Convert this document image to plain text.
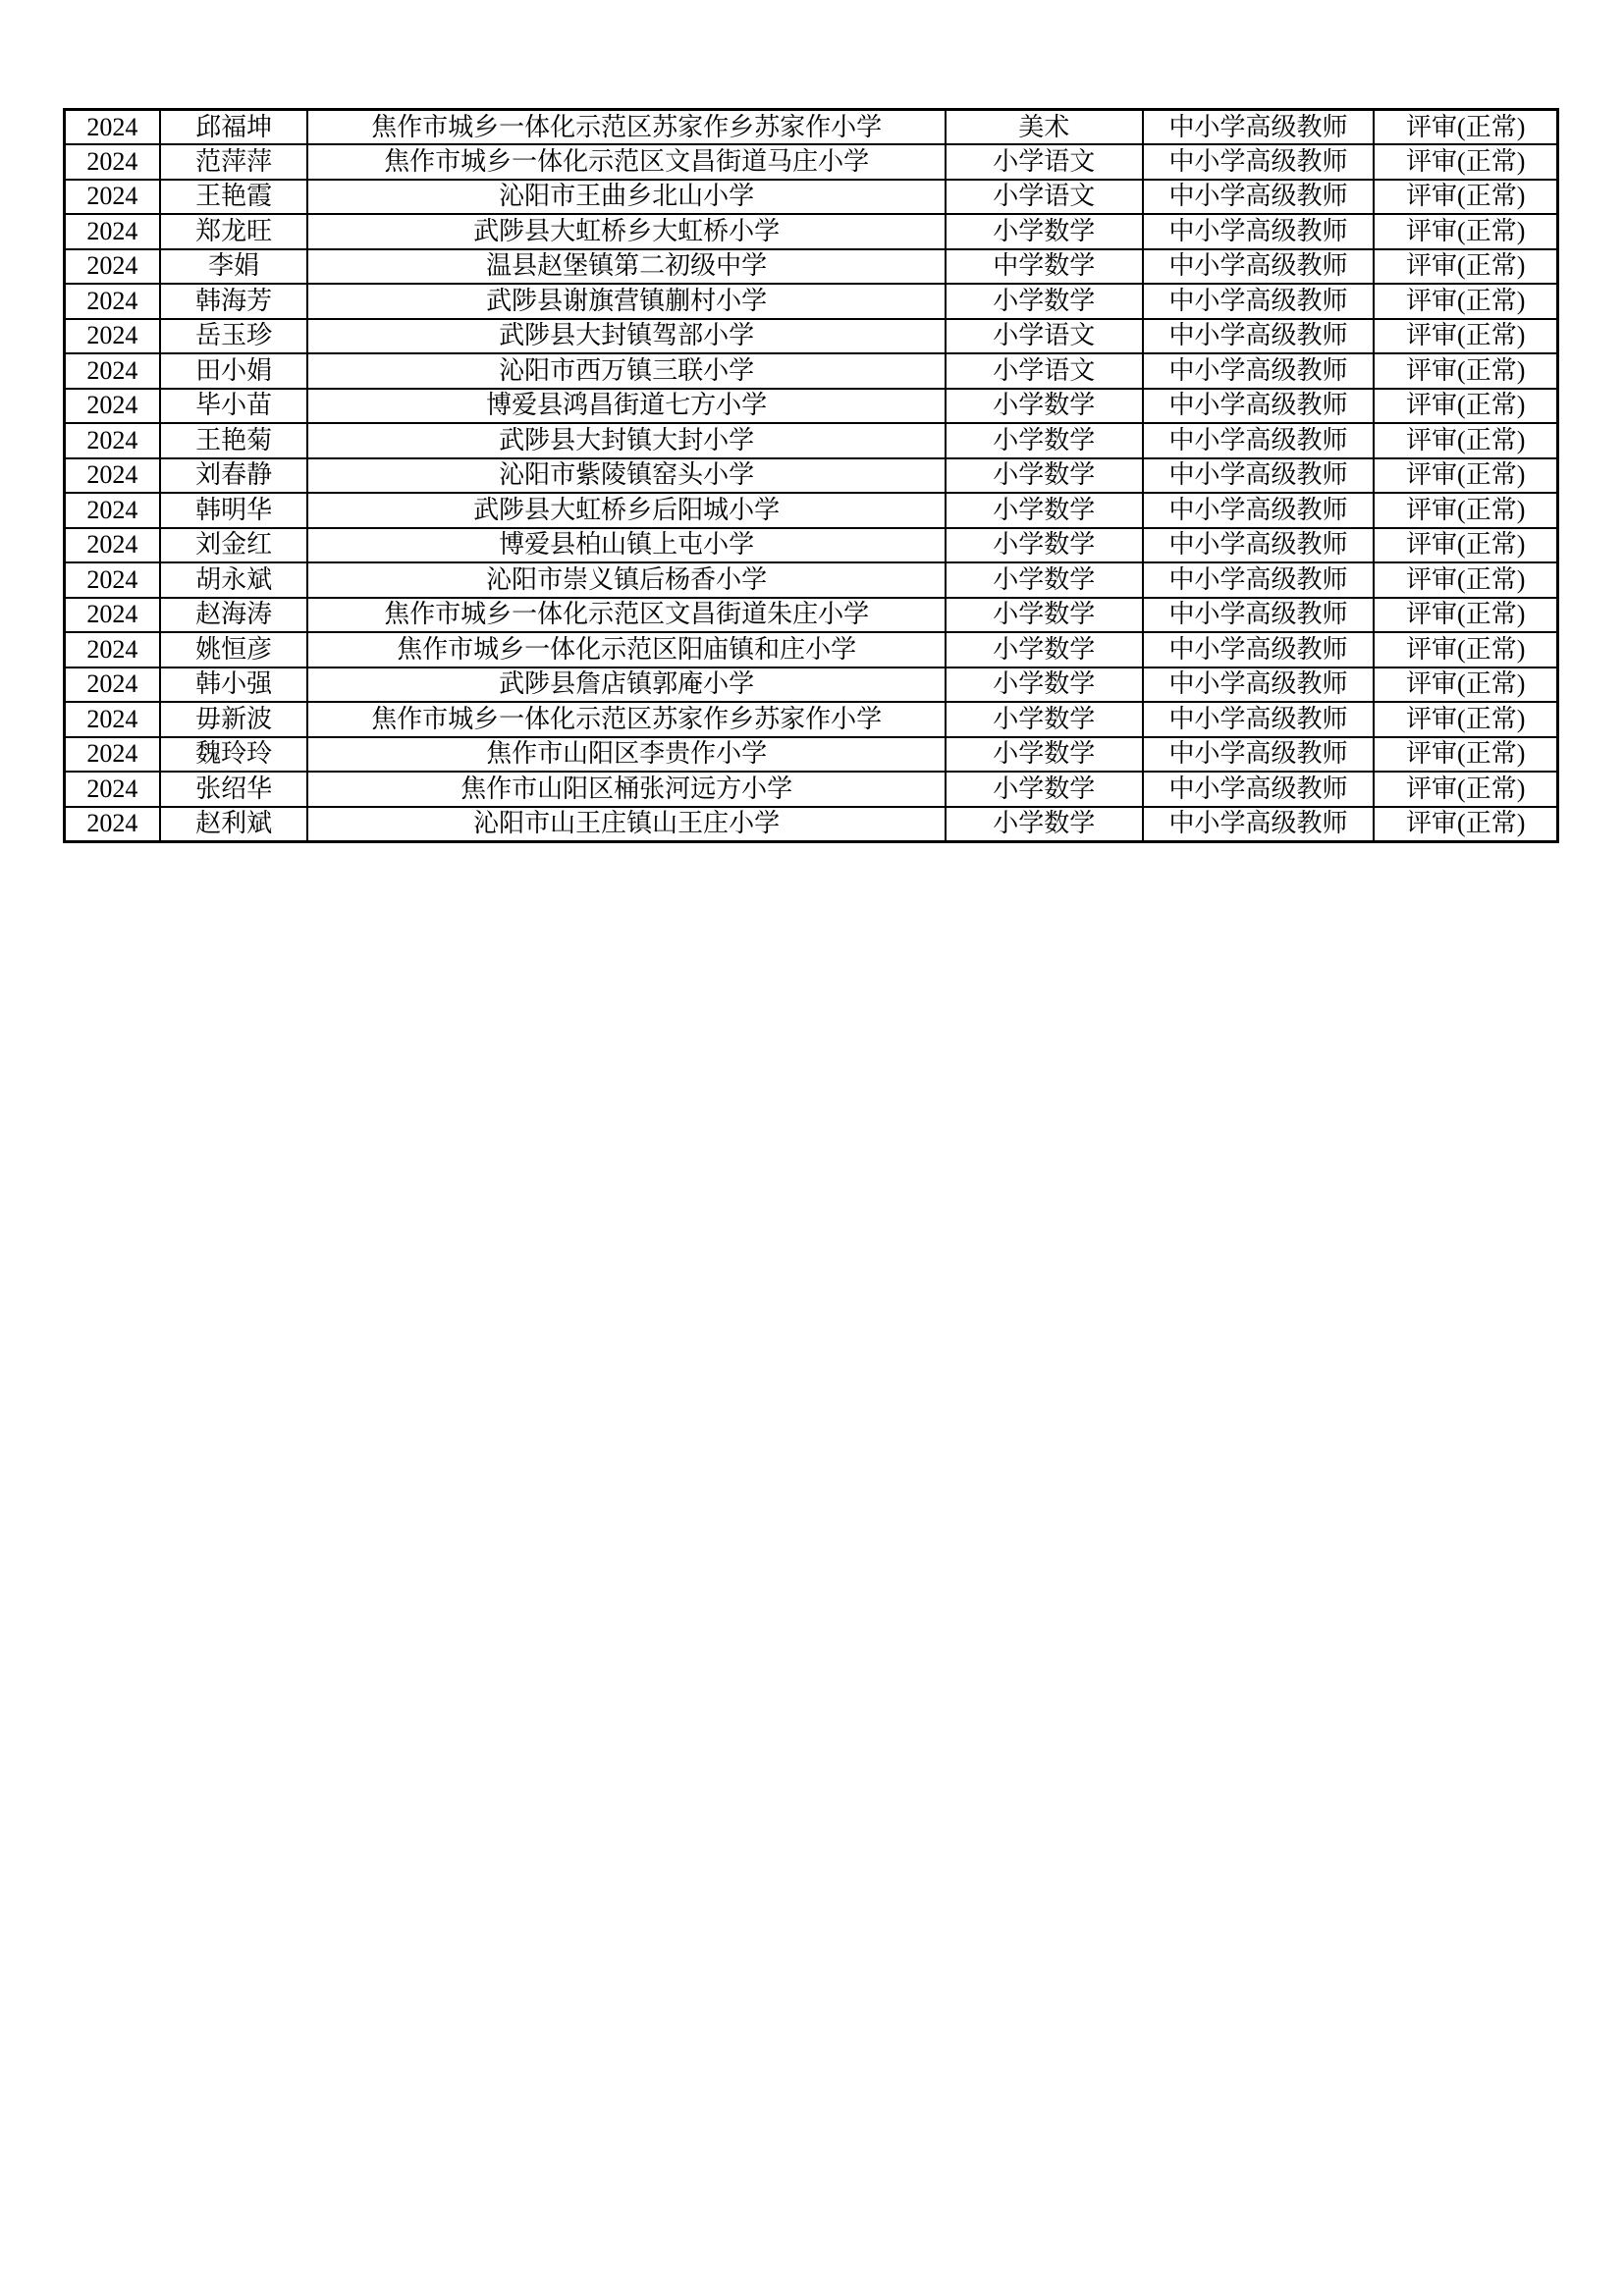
2024	邱福坤	焦作市城乡一体化示范区苏家作乡苏家作小学	美术	中小学高级教师	评审(正常)
2024	范萍萍	焦作市城乡一体化示范区文昌街道马庄小学	小学语文	中小学高级教师	评审(正常)
2024	王艳霞	沁阳市王曲乡北山小学	小学语文	中小学高级教师	评审(正常)
2024	郑龙旺	武陟县大虹桥乡大虹桥小学	小学数学	中小学高级教师	评审(正常)
2024	李娟	温县赵堡镇第二初级中学	中学数学	中小学高级教师	评审(正常)
2024	韩海芳	武陟县谢旗营镇蒯村小学	小学数学	中小学高级教师	评审(正常)
2024	岳玉珍	武陟县大封镇驾部小学	小学语文	中小学高级教师	评审(正常)
2024	田小娟	沁阳市西万镇三联小学	小学语文	中小学高级教师	评审(正常)
2024	毕小苗	博爱县鸿昌街道七方小学	小学数学	中小学高级教师	评审(正常)
2024	王艳菊	武陟县大封镇大封小学	小学数学	中小学高级教师	评审(正常)
2024	刘春静	沁阳市紫陵镇窑头小学	小学数学	中小学高级教师	评审(正常)
2024	韩明华	武陟县大虹桥乡后阳城小学	小学数学	中小学高级教师	评审(正常)
2024	刘金红	博爱县柏山镇上屯小学	小学数学	中小学高级教师	评审(正常)
2024	胡永斌	沁阳市崇义镇后杨香小学	小学数学	中小学高级教师	评审(正常)
2024	赵海涛	焦作市城乡一体化示范区文昌街道朱庄小学	小学数学	中小学高级教师	评审(正常)
2024	姚恒彦	焦作市城乡一体化示范区阳庙镇和庄小学	小学数学	中小学高级教师	评审(正常)
2024	韩小强	武陟县詹店镇郭庵小学	小学数学	中小学高级教师	评审(正常)
2024	毋新波	焦作市城乡一体化示范区苏家作乡苏家作小学	小学数学	中小学高级教师	评审(正常)
2024	魏玲玲	焦作市山阳区李贵作小学	小学数学	中小学高级教师	评审(正常)
2024	张绍华	焦作市山阳区桶张河远方小学	小学数学	中小学高级教师	评审(正常)
2024	赵利斌	沁阳市山王庄镇山王庄小学	小学数学	中小学高级教师	评审(正常)
